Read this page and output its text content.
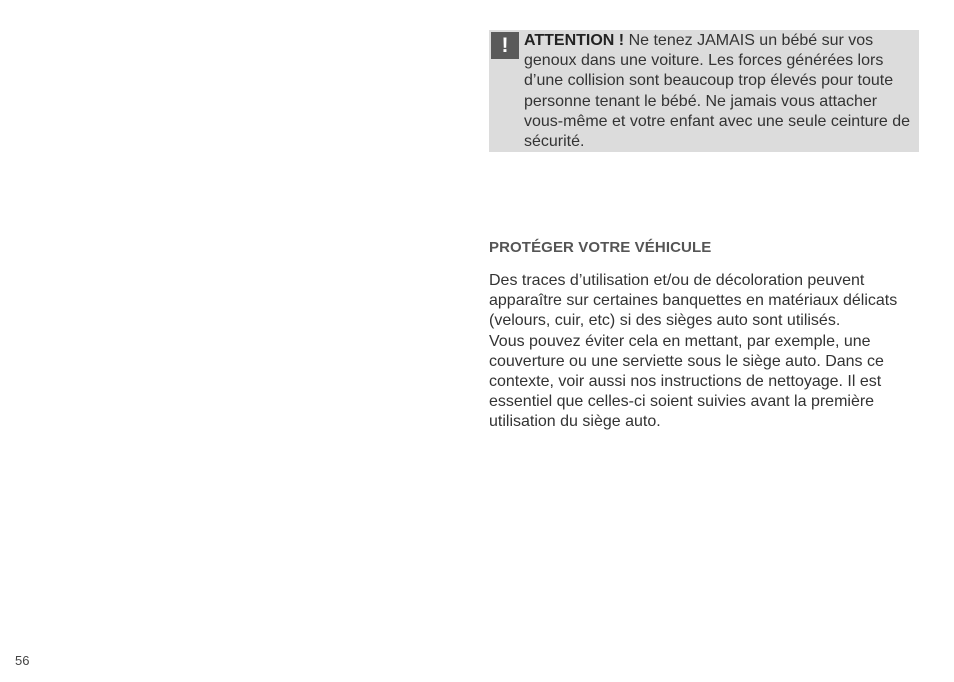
! ATTENTION ! Ne tenez JAMAIS un bébé sur vos genoux dans une voiture. Les forces générées lors d’une collision sont beaucoup trop élevés pour toute personne tenant le bébé. Ne jamais vous attacher vous-même et votre enfant avec une seule ceinture de sécurité.

PROTÉGER VOTRE VÉHICULE

Des traces d’utilisation et/ou de décoloration peuvent apparaître sur certaines banquettes en matériaux délicats (velours, cuir, etc) si des sièges auto sont utilisés.

Vous pouvez éviter cela en mettant, par exemple, une couverture ou une serviette sous le siège auto. Dans ce contexte, voir aussi nos instructions de nettoyage. Il est essentiel que celles-ci soient suivies avant la première utilisation du siège auto.

56
